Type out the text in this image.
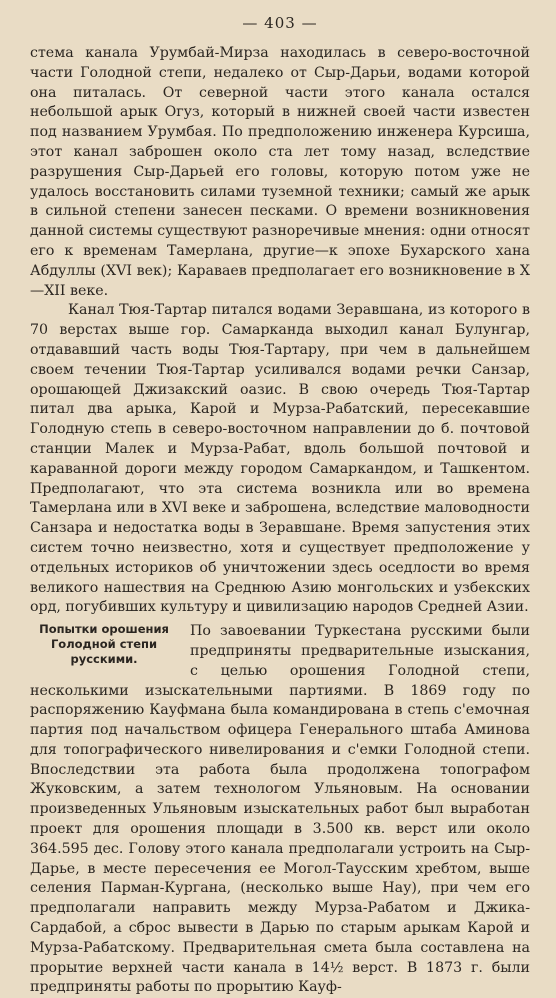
— 403 —

стема канала Урумбай-Мирза находилась в северо-восточной части Голодной степи, недалеко от Сыр-Дарьи, водами которой она питалась. От северной части этого канала остался небольшой арык Огуз, который в нижней своей части известен под названием Урумбая. По предположению инженера Курсиша, этот канал заброшен около ста лет тому назад, вследствие разрушения Сыр-Дарьей его головы, которую потом уже не удалось восстановить силами туземной техники; самый же арык в сильной степени занесен песками. О времени возникновения данной системы существуют разноречивые мнения: одни относят его к временам Тамерлана, другие—к эпохе Бухарского хана Абдуллы (XVI век); Караваев предполагает его возникновение в X—XII веке.

Канал Тюя-Тартар питался водами Зеравшана, из которого в 70 верстах выше гор. Самарканда выходил канал Булунгар, отдававший часть воды Тюя-Тартару, при чем в дальнейшем своем течении Тюя-Тартар усиливался водами речки Санзар, орошающей Джизакский оазис. В свою очередь Тюя-Тартар питал два арыка, Карой и Мурза-Рабатский, пересекавшие Голодную степь в северо-восточном направлении до б. почтовой станции Малек и Мурза-Рабат, вдоль большой почтовой и караванной дороги между городом Самаркандом, и Ташкентом. Предполагают, что эта система возникла или во времена Тамерлана или в XVI веке и заброшена, вследствие маловодности Санзара и недостатка воды в Зеравшане. Время запустения этих систем точно неизвестно, хотя и существует предположение у отдельных историков об уничтожении здесь оседлости во время великого нашествия на Среднюю Азию монгольских и узбекских орд, погубивших культуру и цивилизацию народов Средней Азии.

Попытки орошения
Голодной степи
русскими.

По завоевании Туркестана русскими были предприняты предварительные изыскания, с целью орошения Голодной степи, несколькими изыскательными партиями. В 1869 году по распоряжению Кауфмана была командирована в степь с'емочная партия под начальством офицера Генерального штаба Аминова для топографического нивелирования и с'емки Голодной степи. Впоследствии эта работа была продолжена топографом Жуковским, а затем технологом Ульяновым. На основании произведенных Ульяновым изыскательных работ был выработан проект для орошения площади в 3.500 кв. верст или около 364.595 дес. Голову этого канала предполагали устроить на Сыр-Дарье, в месте пересечения ее Могол-Таусским хребтом, выше селения Парман-Кургана, (несколько выше Нау), при чем его предполагали направить между Мурза-Рабатом и Джика-Сардабой, а сброс вывести в Дарью по старым арыкам Карой и Мурза-Рабатскому. Предварительная смета была составлена на прорытие верхней части канала в 14½ верст. В 1873 г. были предприняты работы по прорытию Кауф-
